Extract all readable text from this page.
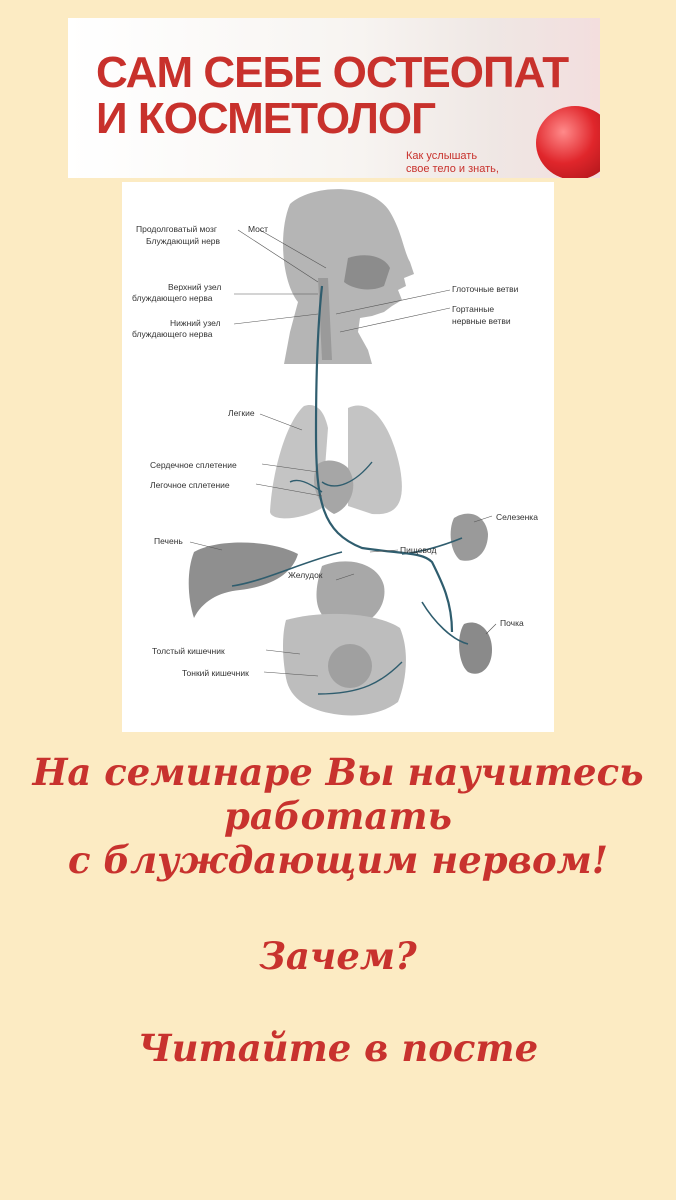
САМ СЕБЕ ОСТЕОПАТ
И КОСМЕТОЛОГ
Как услышать
свое тело и знать,
Продолговатый мозг
Блуждающий нерв
Мост
Верхний узел
блуждающего нерва
Нижний узел
блуждающего нерва
Глоточные ветви
Гортанные
нервные ветви
Легкие
Сердечное сплетение
Легочное сплетение
Селезенка
Печень
Пищевод
Желудок
Почка
Толстый кишечник
Тонкий кишечник
На семинаре Вы научитесь
работать
с блуждающим нервом!
Зачем?
Читайте в посте
